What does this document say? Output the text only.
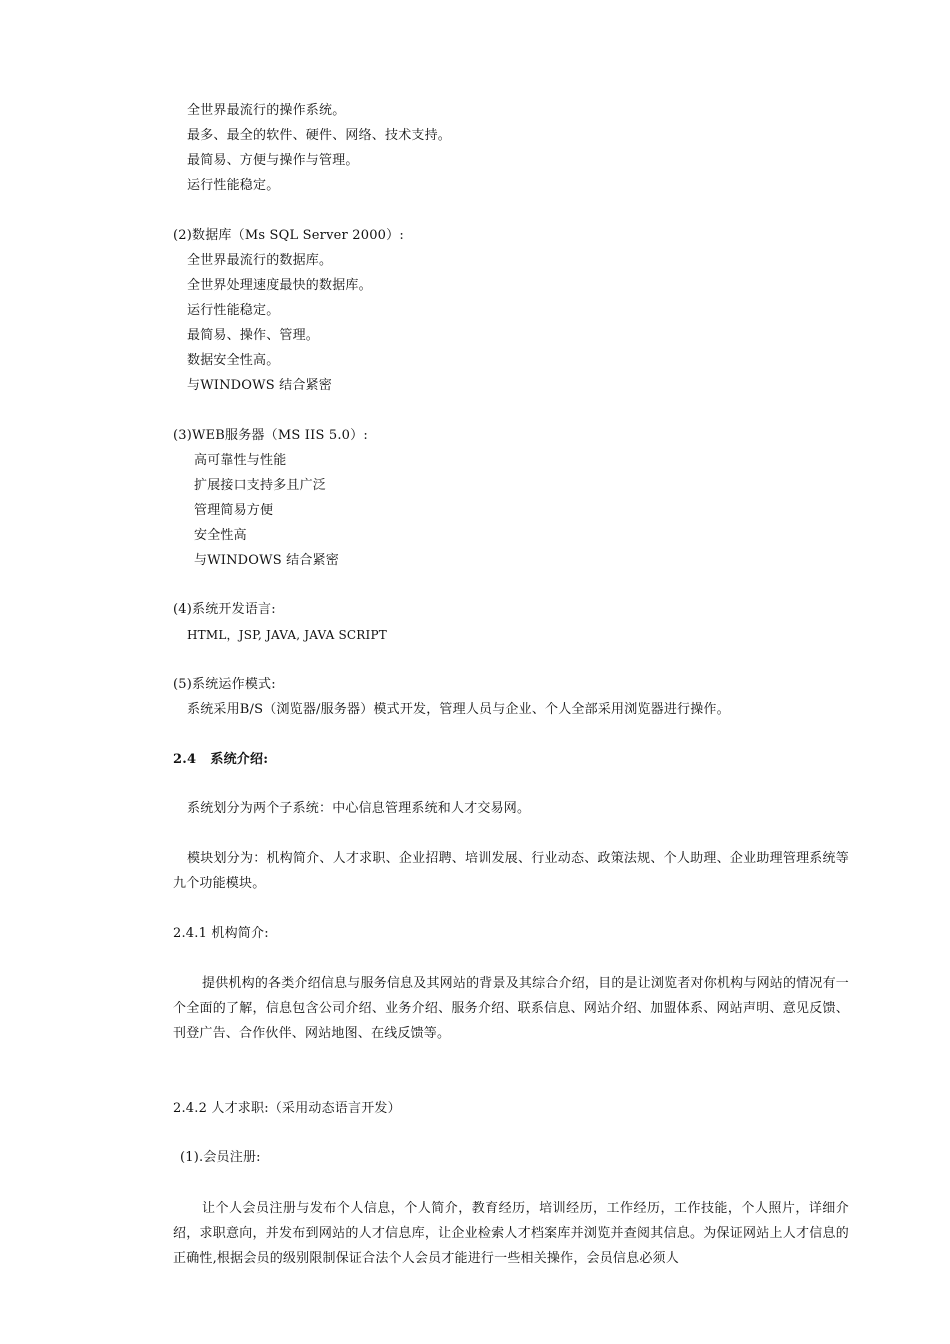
全世界最流行的操作系统。
最多、最全的软件、硬件、网络、技术支持。
最简易、方便与操作与管理。
运行性能稳定。
(2)数据库（Ms SQL Server 2000）:
全世界最流行的数据库。
全世界处理速度最快的数据库。
运行性能稳定。
最简易、操作、管理。
数据安全性高。
与WINDOWS 结合紧密
(3)WEB服务器（MS IIS 5.0）:
高可靠性与性能
扩展接口支持多且广泛
管理简易方便
安全性高
与WINDOWS 结合紧密
(4)系统开发语言:
HTML，JSP, JAVA, JAVA SCRIPT
(5)系统运作模式:
系统采用B/S（浏览器/服务器）模式开发，管理人员与企业、个人全部采用浏览器进行操作。
2.4   系统介绍:
系统划分为两个子系统：中心信息管理系统和人才交易网。
模块划分为：机构简介、人才求职、企业招聘、培训发展、行业动态、政策法规、个人助理、企业助理管理系统等九个功能模块。
2.4.1 机构简介:
提供机构的各类介绍信息与服务信息及其网站的背景及其综合介绍，目的是让浏览者对你机构与网站的情况有一个全面的了解，信息包含公司介绍、业务介绍、服务介绍、联系信息、网站介绍、加盟体系、网站声明、意见反馈、刊登广告、合作伙伴、网站地图、在线反馈等。
2.4.2 人才求职:（采用动态语言开发）
(1).会员注册:
让个人会员注册与发布个人信息，个人简介，教育经历，培训经历，工作经历，工作技能，个人照片，详细介绍，求职意向，并发布到网站的人才信息库，让企业检索人才档案库并浏览并查阅其信息。为保证网站上人才信息的正确性,根据会员的级别限制保证合法个人会员才能进行一些相关操作，会员信息必须人
